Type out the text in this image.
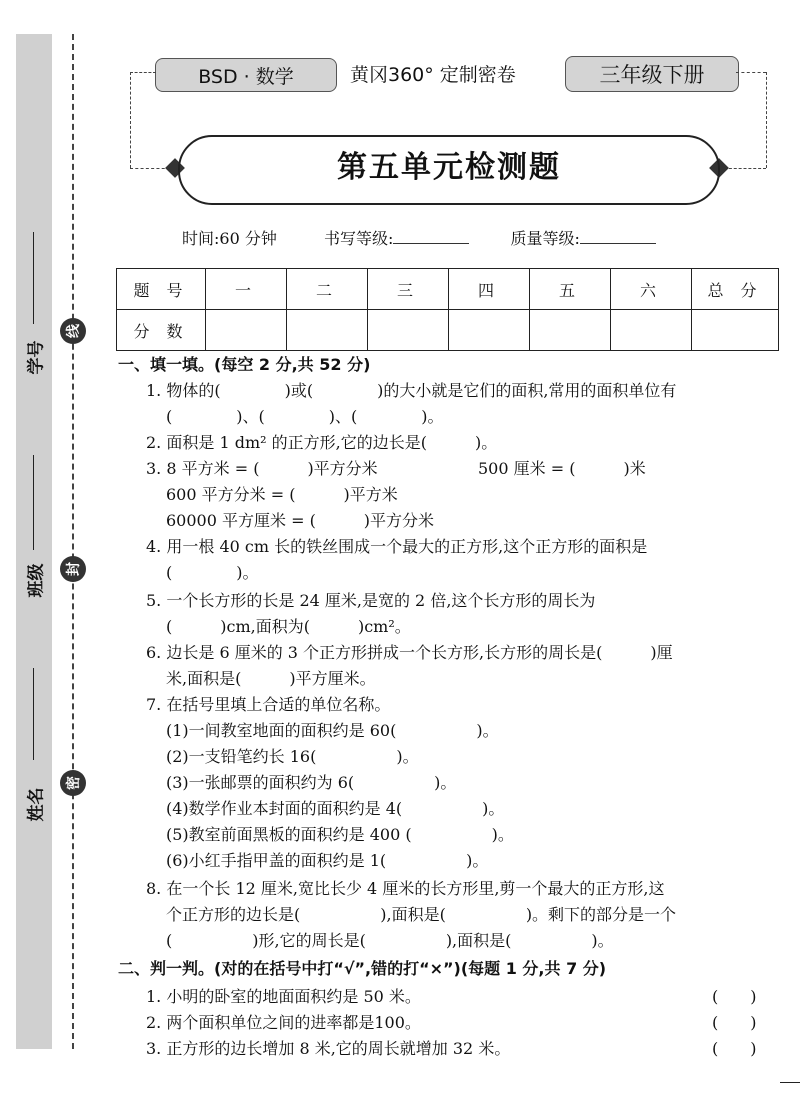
学号
班级
姓名
线
封
密
BSD · 数学	黄冈360° 定制密卷	三年级下册
第五单元检测题
时间:60 分钟	书写等级:	质量等级:
题 号	一	二	三	四	五	六	总 分
分 数							
一、填一填。(每空 2 分,共 52 分)
1. 物体的(　　　　)或(　　　　)的大小就是它们的面积,常用的面积单位有
(　　　　)、(　　　　)、(　　　　)。
2. 面积是 1 dm² 的正方形,它的边长是(　　　)。
3. 8 平方米 = (　　　)平方分米	500 厘米 = (　　　)米
600 平方分米 = (　　　)平方米
60000 平方厘米 = (　　　)平方分米
4. 用一根 40 cm 长的铁丝围成一个最大的正方形,这个正方形的面积是
(　　　　)。
5. 一个长方形的长是 24 厘米,是宽的 2 倍,这个长方形的周长为
(　　　)cm,面积为(　　　)cm²。
6. 边长是 6 厘米的 3 个正方形拼成一个长方形,长方形的周长是(　　　)厘
米,面积是(　　　)平方厘米。
7. 在括号里填上合适的单位名称。
(1)一间教室地面的面积约是 60(　　　　　)。
(2)一支铅笔约长 16(　　　　　)。
(3)一张邮票的面积约为 6(　　　　　)。
(4)数学作业本封面的面积约是 4(　　　　　)。
(5)教室前面黑板的面积约是 400 (　　　　　)。
(6)小红手指甲盖的面积约是 1(　　　　　)。
8. 在一个长 12 厘米,宽比长少 4 厘米的长方形里,剪一个最大的正方形,这
个正方形的边长是(　　　　　),面积是(　　　　　)。剩下的部分是一个
(　　　　　)形,它的周长是(　　　　　),面积是(　　　　　)。
二、判一判。(对的在括号中打“√”,错的打“×”)(每题 1 分,共 7 分)
1. 小明的卧室的地面面积约是 50 米。	(　　)
2. 两个面积单位之间的进率都是100。	(　　)
3. 正方形的边长增加 8 米,它的周长就增加 32 米。	(　　)
